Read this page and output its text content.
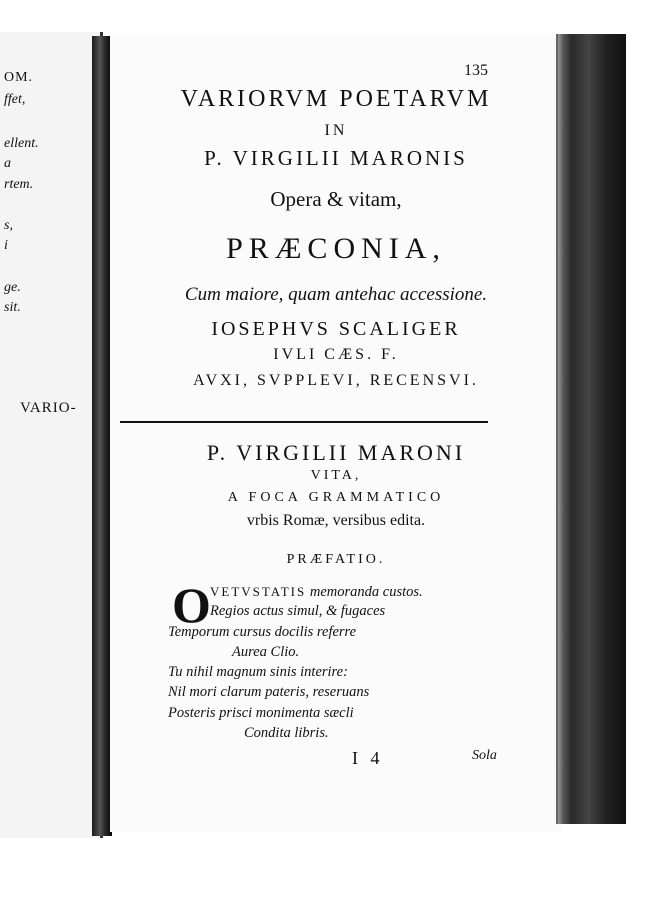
OM.
ffet,
ellent.
a
rtem.
s,
i
ge.
sit.
VARIO-
135
VARIORVM POETARVM
IN
P. VIRGILII MARONIS
Opera & vitam,
PRÆCONIA,
Cum maiore, quam antehac accessione.
IOSEPHVS SCALIGER
IVLI CÆS. F.
AVXI, SVPPLEVI, RECENSVI.
P. VIRGILII MARONI
VITA,
A FOCA GRAMMATICO
vrbis Romæ, versibus edita.
PRÆFATIO.
O VETVSTATIS memoranda custos.
Regios actus simul, & fugaces
Temporum cursus docilis referre
Aurea Clio.
Tu nihil magnum sinis interire:
Nil mori clarum pateris, reseruans
Posteris prisci monimenta sæcli
Condita libris.
I 4	Sola
